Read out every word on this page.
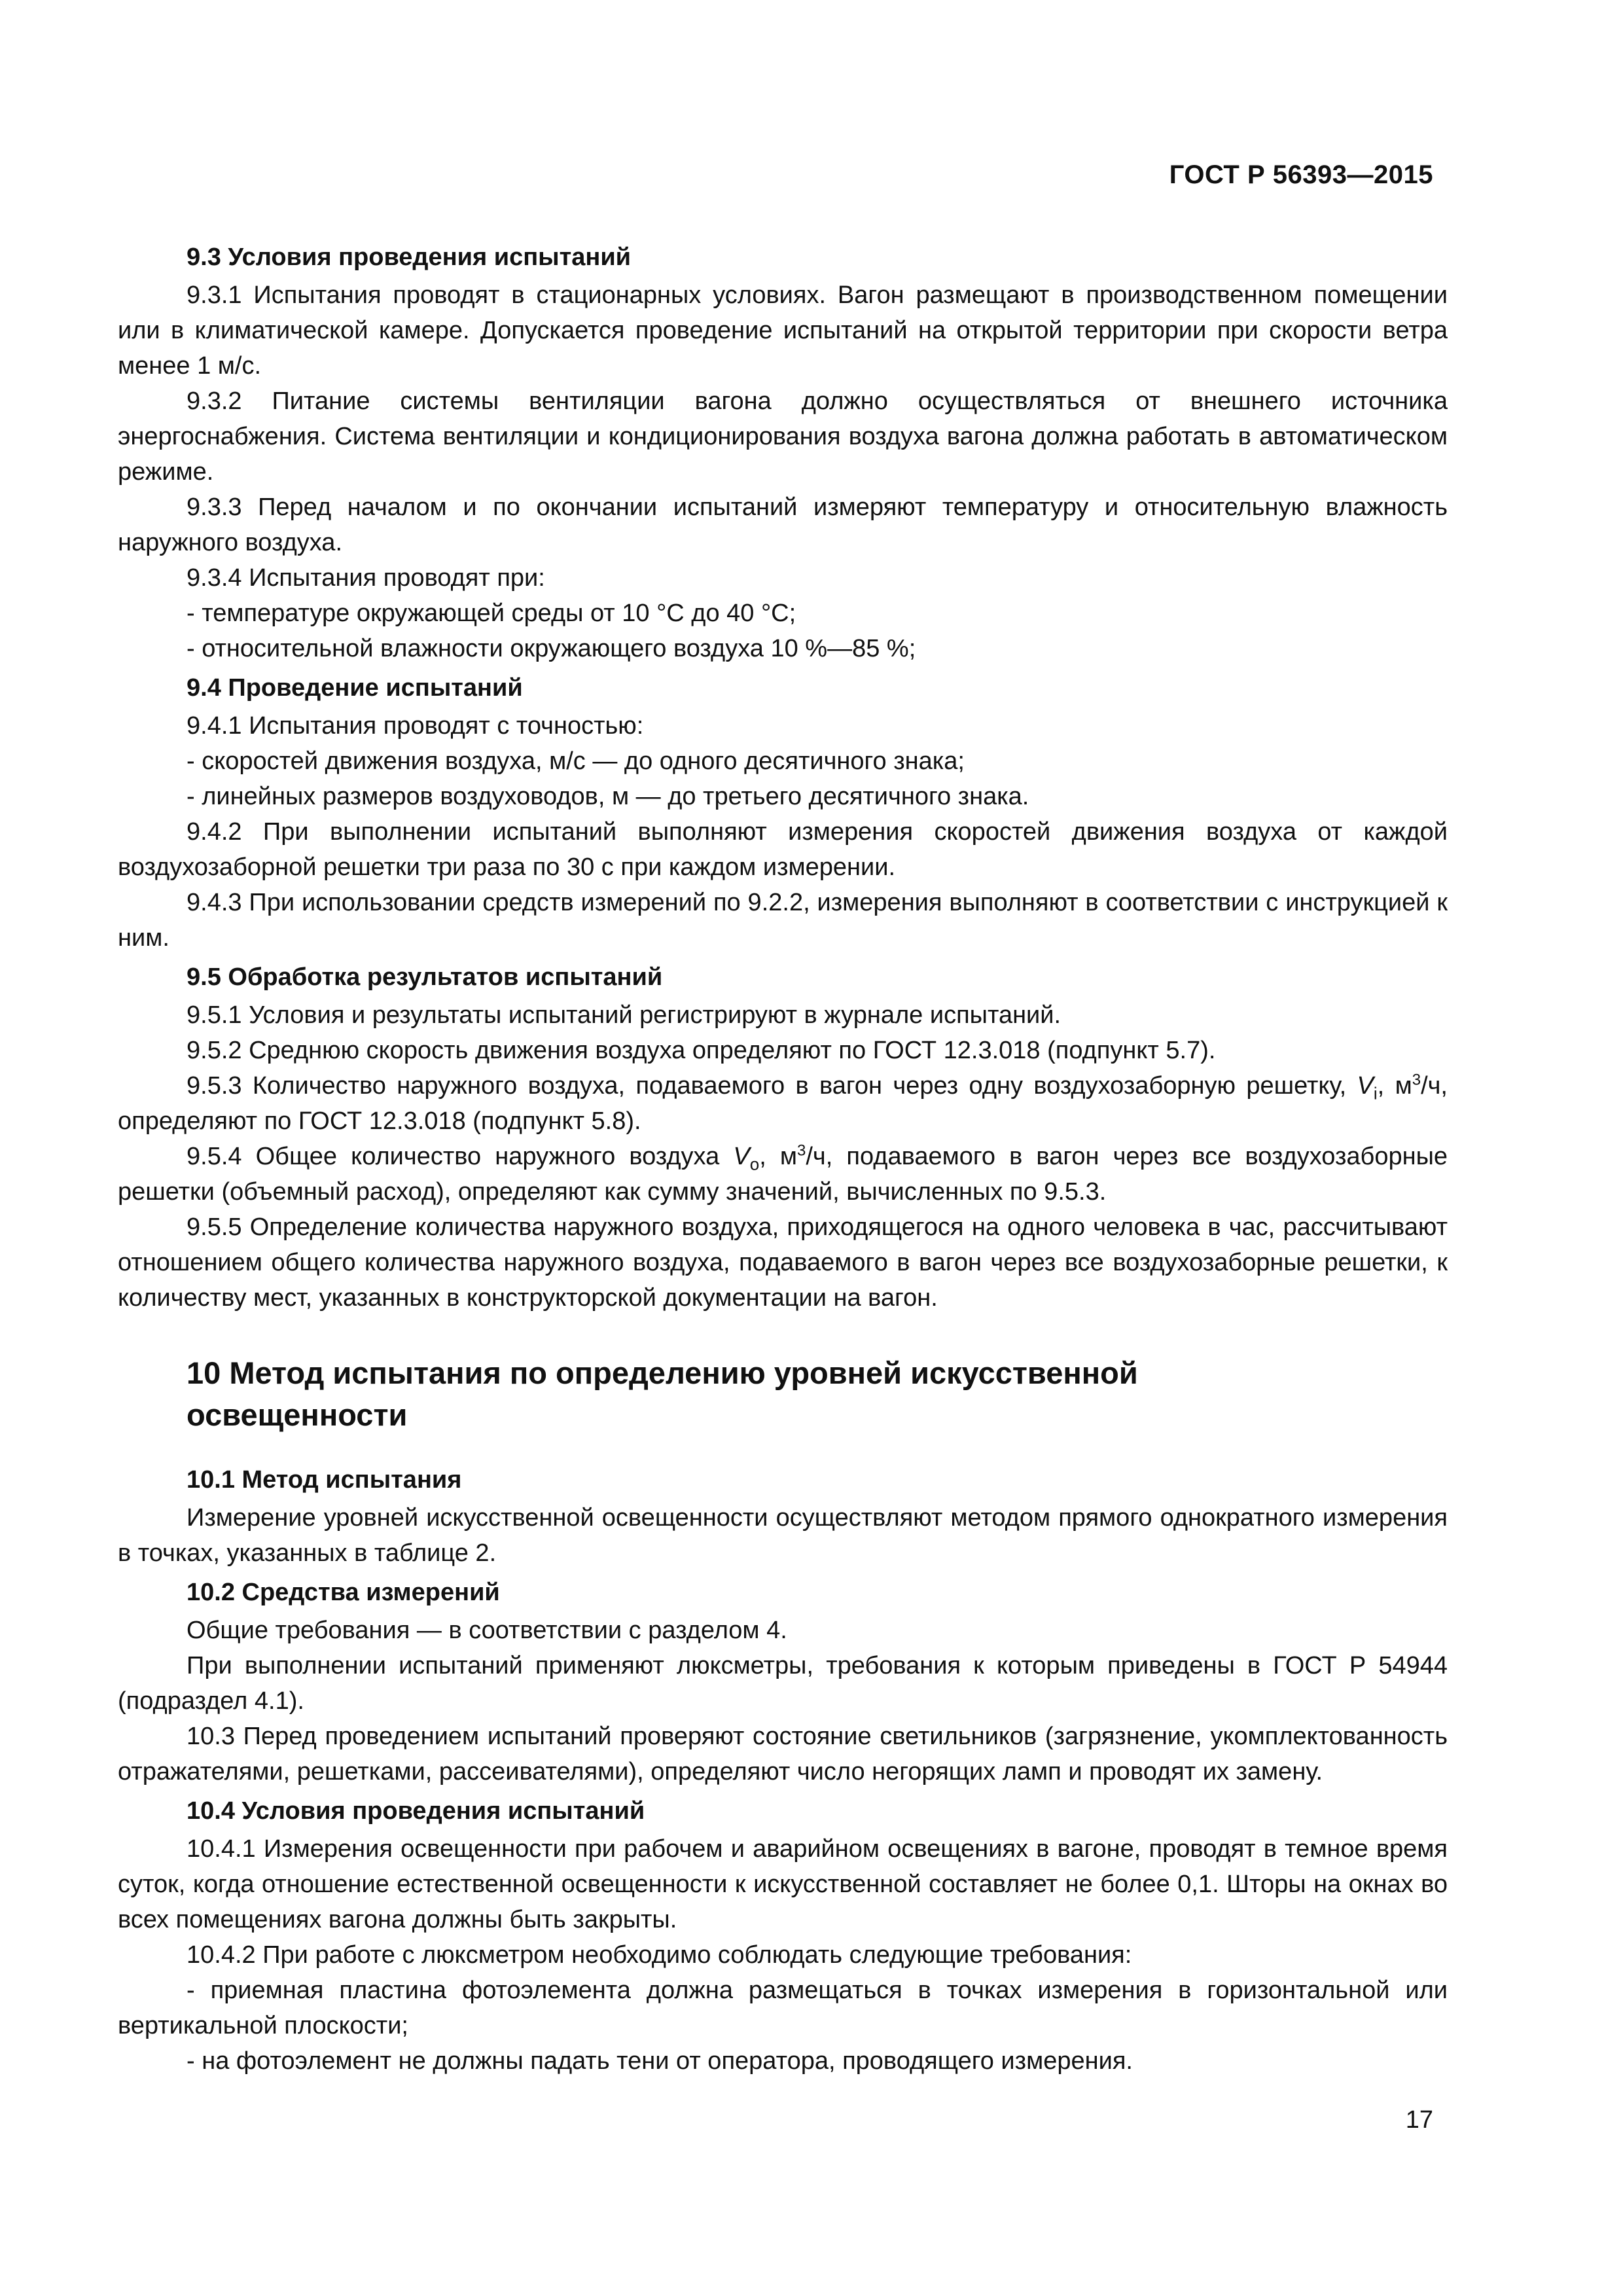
ГОСТ Р 56393—2015

9.3 Условия проведения испытаний

9.3.1 Испытания проводят в стационарных условиях. Вагон размещают в производственном помещении или в климатической камере. Допускается проведение испытаний на открытой территории при скорости ветра менее 1 м/с.

9.3.2 Питание системы вентиляции вагона должно осуществляться от внешнего источника энергоснабжения. Система вентиляции и кондиционирования воздуха вагона должна работать в автоматическом режиме.

9.3.3 Перед началом и по окончании испытаний измеряют температуру и относительную влажность наружного воздуха.

9.3.4 Испытания проводят при:

- температуре окружающей среды от 10 °С до 40 °С;

- относительной влажности окружающего воздуха 10 %—85 %;

9.4 Проведение испытаний

9.4.1 Испытания проводят с точностью:

- скоростей движения воздуха, м/с — до одного десятичного знака;

- линейных размеров воздуховодов, м — до третьего десятичного знака.

9.4.2 При выполнении испытаний выполняют измерения скоростей движения воздуха от каждой воздухозаборной решетки три раза по 30 с при каждом измерении.

9.4.3 При использовании средств измерений по 9.2.2, измерения выполняют в соответствии с инструкцией к ним.

9.5 Обработка результатов испытаний

9.5.1 Условия и результаты испытаний регистрируют в журнале испытаний.

9.5.2 Среднюю скорость движения воздуха определяют по ГОСТ 12.3.018 (подпункт 5.7).

9.5.3 Количество наружного воздуха, подаваемого в вагон через одну воздухозаборную решетку, $V_i$, $м^3/ч$, определяют по ГОСТ 12.3.018 (подпункт 5.8).

9.5.4 Общее количество наружного воздуха $V_o$, $м^3/ч$, подаваемого в вагон через все воздухозаборные решетки (объемный расход), определяют как сумму значений, вычисленных по 9.5.3.

9.5.5 Определение количества наружного воздуха, приходящегося на одного человека в час, рассчитывают отношением общего количества наружного воздуха, подаваемого в вагон через все воздухозаборные решетки, к количеству мест, указанных в конструкторской документации на вагон.

10 Метод испытания по определению уровней искусственной
освещенности

10.1 Метод испытания

Измерение уровней искусственной освещенности осуществляют методом прямого однократного измерения в точках, указанных в таблице 2.

10.2 Средства измерений

Общие требования — в соответствии с разделом 4.

При выполнении испытаний применяют люксметры, требования к которым приведены в ГОСТ Р 54944 (подраздел 4.1).

10.3 Перед проведением испытаний проверяют состояние светильников (загрязнение, укомплектованность отражателями, решетками, рассеивателями), определяют число негорящих ламп и проводят их замену.

10.4 Условия проведения испытаний

10.4.1 Измерения освещенности при рабочем и аварийном освещениях в вагоне, проводят в темное время суток, когда отношение естественной освещенности к искусственной составляет не более 0,1. Шторы на окнах во всех помещениях вагона должны быть закрыты.

10.4.2 При работе с люксметром необходимо соблюдать следующие требования:

- приемная пластина фотоэлемента должна размещаться в точках измерения в горизонтальной или вертикальной плоскости;

- на фотоэлемент не должны падать тени от оператора, проводящего измерения.

17
